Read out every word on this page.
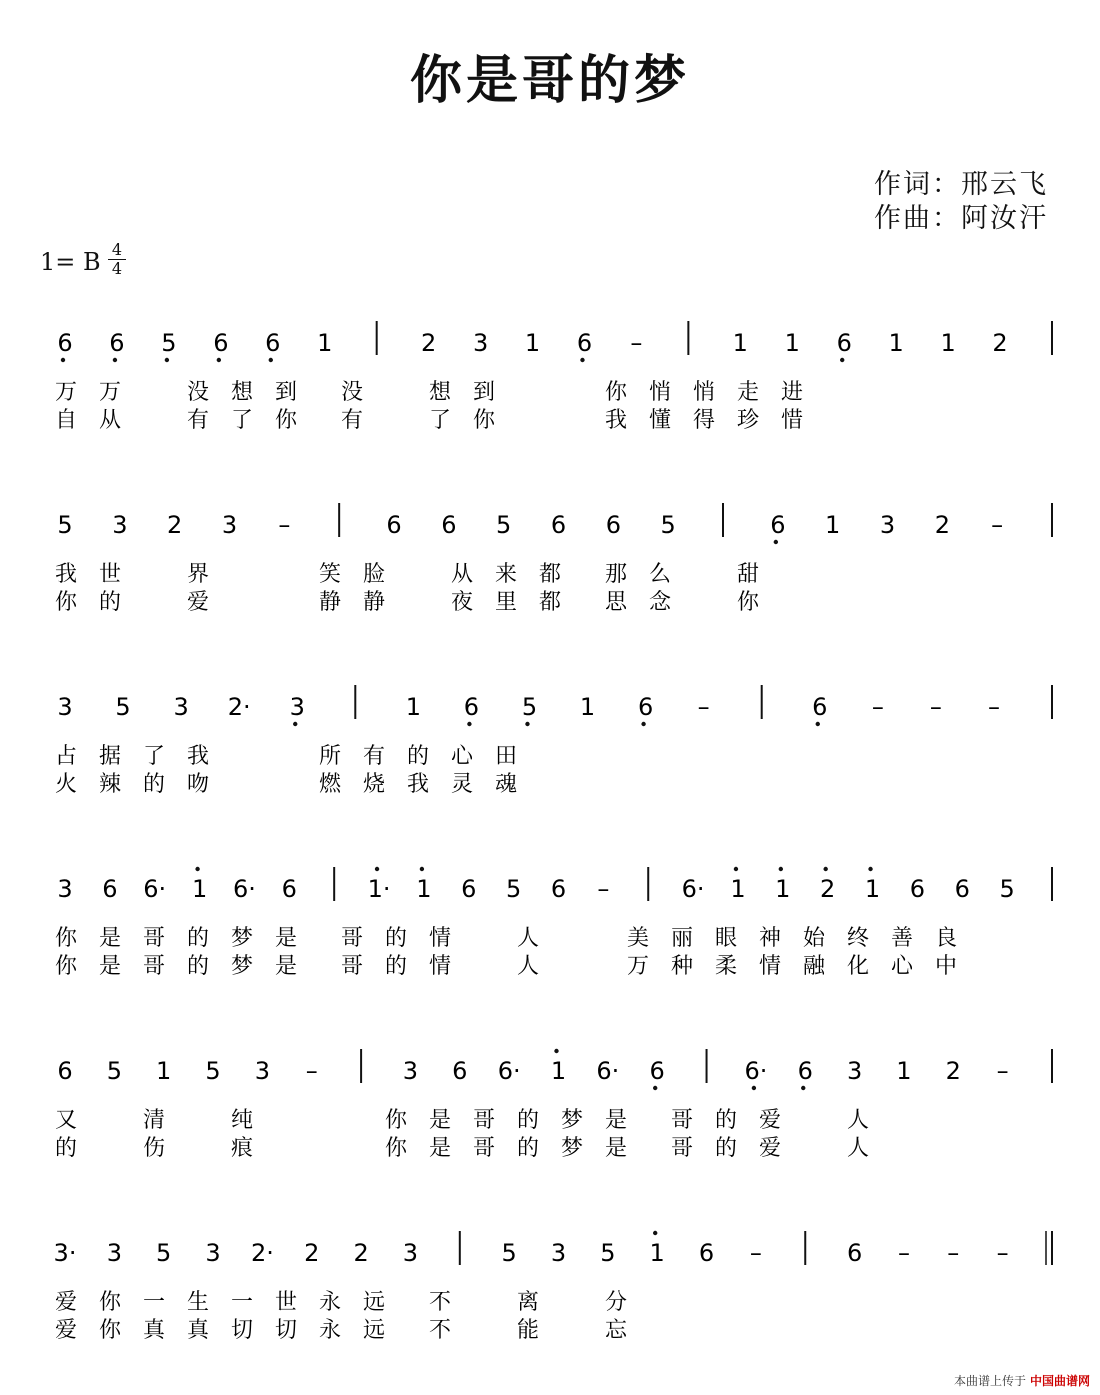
你是哥的梦
作词：邢云飞
作曲：阿汝汗
1= B 4
4
6 6 5 6 6 1	2 3 1 6 –	1 1 6 1 1 2
万　万　　　没　想　到　　没　　　想　到　　　　　你　悄　悄　走　进
自　从　　　有　了　你　　有　　　了　你　　　　　我　懂　得　珍　惜
5 3 2 3 –	6 6 5 6 6 5	6 1 3 2 –
我　世　　　界　　　　　笑　脸　　　从　来　都　　那　么　　　甜
你　的　　　爱　　　　　静　静　　　夜　里　都　　思　念　　　你
3 5 3 2· 3	1 6 5 1 6 –	6 – – –
占　据　了　我　　　　　所　有　的　心　田
火　辣　的　吻　　　　　燃　烧　我　灵　魂
3 6 6· 1 6· 6	1· 1 6 5 6 –	6· 1 1 2 1 6 6 5
你　是　哥　的　梦　是　　哥　的　情　　　人　　　　美　丽　眼　神　始　终　善　良
你　是　哥　的　梦　是　　哥　的　情　　　人　　　　万　种　柔　情　融　化　心　中
6 5 1 5 3 –	3 6 6· 1 6· 6	6· 6 3 1 2 –
又　　　清　　　纯　　　　　　你　是　哥　的　梦　是　　哥　的　爱　　　人
的　　　伤　　　痕　　　　　　你　是　哥　的　梦　是　　哥　的　爱　　　人
3· 3 5 3 2· 2 2 3	5 3 5 1 6 –	6 – – –
爱　你　一　生　一　世　永　远　　不　　　离　　　分
爱　你　真　真　切　切　永　远　　不　　　能　　　忘
本曲谱上传于 中国曲谱网
